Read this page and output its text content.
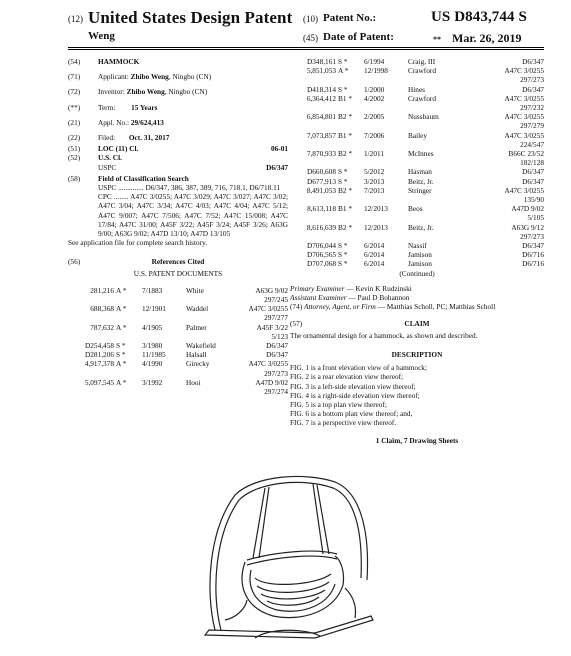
(12) United States Design Patent
Weng
(10) Patent No.:	US D843,744 S
(45) Date of Patent:	** Mar. 26, 2019
(54) HAMMOCK
(71) Applicant: Zhibo Weng, Ningbo (CN)
(72) Inventor: Zhibo Weng, Ningbo (CN)
(**) Term: 15 Years
(21) Appl. No.: 29/624,413
(22) Filed: Oct. 31, 2017
(51) LOC (11) Cl.	06-01
(52) U.S. Cl.
USPC	D6/347
(58) Field of Classification Search
USPC .............. D6/347, 386, 387, 389, 716, 718.1, D6/718.11
CPC ........ A47C 3/0255; A47C 3/029; A47C 3/027; A47C 3/02; A47C 3/04; A47C 3/34; A47C 4/03; A47C 4/04; A47C 5/12; A47C 9/007; A47C 7/506; A47C 7/52; A47C 15/008; A47C 17/84; A47C 31/00; A45F 3/22; A45F 3/24; A45F 3/26; A63G 9/00; A63G 9/02; A47D 13/10; A47D 13/105
See application file for complete search history.
(56)	References Cited
U.S. PATENT DOCUMENTS
281,216 A *	7/1883	White	A63G 9/02
297/245
688,368 A *	12/1901	Waddel	A47C 3/0255
297/277
787,632 A *	4/1905	Palmer	A45F 3/22
5/123
D254,458 S *	3/1980	Wakefield	D6/347
D281,206 S *	11/1985	Halsall	D6/347
4,917,378 A *	4/1990	Girecky	A47C 3/0255
297/273
5,097,545 A *	3/1992	Hooi	A47D 9/02
297/274
D348,161 S *	6/1994	Craig, III	D6/347
5,851,053 A *	12/1998	Crawford	A47C 3/0255
297/273
D418,314 S *	1/2000	Hines	D6/347
6,364,412 B1 *	4/2002	Crawford	A47C 3/0255
297/232
6,854,801 B2 *	2/2005	Nussbaum	A47C 3/0255
297/279
7,073,857 B1 *	7/2006	Bailey	A47C 3/0255
224/547
7,870,933 B2 *	1/2011	McInnes	B66C 23/52
182/128
D660,608 S *	5/2012	Hasman	D6/347
D677,913 S *	3/2013	Beitz, Jr.	D6/347
8,491,053 B2 *	7/2013	Stringer	A47C 3/0255
135/90
8,613,118 B1 *	12/2013	Beos	A47D 9/02
5/105
8,616,639 B2 *	12/2013	Beitz, Jr.	A63G 9/12
297/273
D706,044 S *	6/2014	Nassif	D6/347
D706,565 S *	6/2014	Jamison	D6/716
D707,068 S *	6/2014	Jamison	D6/716
(Continued)
Primary Examiner — Kevin K Rudzinski
Assistant Examiner — Paul D Bohannon
(74) Attorney, Agent, or Firm — Matthias Scholl, PC; Matthias Scholl
(57)	CLAIM
The ornamental design for a hammock, as shown and described.
DESCRIPTION
FIG. 1 is a front elevation view of a hammock;
FIG. 2 is a rear elevation view thereof;
FIG. 3 is a left-side elevation view thereof;
FIG. 4 is a right-side elevation view thereof;
FIG. 5 is a top plan view thereof;
FIG. 6 is a bottom plan view thereof; and,
FIG. 7 is a perspective view thereof.
1 Claim, 7 Drawing Sheets
